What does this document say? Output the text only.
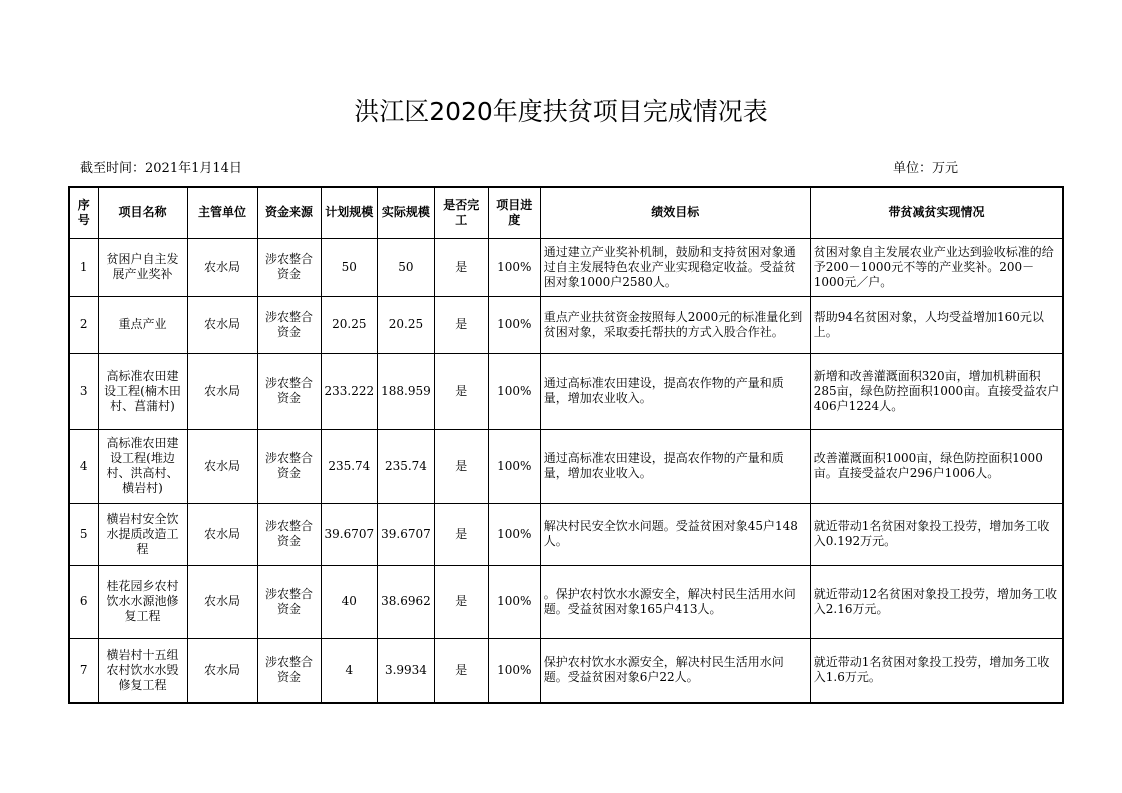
洪江区2020年度扶贫项目完成情况表
截至时间：2021年1月14日	单位：万元
序号	项目名称	主管单位	资金来源	计划规模	实际规模	是否完工	项目进度	绩效目标	带贫减贫实现情况
1	贫困户自主发展产业奖补	农水局	涉农整合资金	50	50	是	100%	通过建立产业奖补机制，鼓励和支持贫困对象通过自主发展特色农业产业实现稳定收益。受益贫困对象1000户2580人。	贫困对象自主发展农业产业达到验收标准的给予200－1000元不等的产业奖补。200－1000元／户。
2	重点产业	农水局	涉农整合资金	20.25	20.25	是	100%	重点产业扶贫资金按照每人2000元的标准量化到贫困对象，采取委托帮扶的方式入股合作社。	帮助94名贫困对象，人均受益增加160元以上。
3	高标准农田建设工程(楠木田村、菖蒲村)	农水局	涉农整合资金	233.222	188.959	是	100%	通过高标准农田建设，提高农作物的产量和质量，增加农业收入。	新增和改善灌溉面积320亩，增加机耕面积285亩，绿色防控面积1000亩。直接受益农户406户1224人。
4	高标准农田建设工程(堆边村、洪高村、横岩村)	农水局	涉农整合资金	235.74	235.74	是	100%	通过高标准农田建设，提高农作物的产量和质量，增加农业收入。	改善灌溉面积1000亩，绿色防控面积1000亩。直接受益农户296户1006人。
5	横岩村安全饮水提质改造工程	农水局	涉农整合资金	39.6707	39.6707	是	100%	解决村民安全饮水问题。受益贫困对象45户148人。	就近带动1名贫困对象投工投劳，增加务工收入0.192万元。
6	桂花园乡农村饮水水源池修复工程	农水局	涉农整合资金	40	38.6962	是	100%	。保护农村饮水水源安全，解决村民生活用水问题。受益贫困对象165户413人。	就近带动12名贫困对象投工投劳，增加务工收入2.16万元。
7	横岩村十五组农村饮水水毁修复工程	农水局	涉农整合资金	4	3.9934	是	100%	保护农村饮水水源安全，解决村民生活用水问题。受益贫困对象6户22人。	就近带动1名贫困对象投工投劳，增加务工收入1.6万元。
